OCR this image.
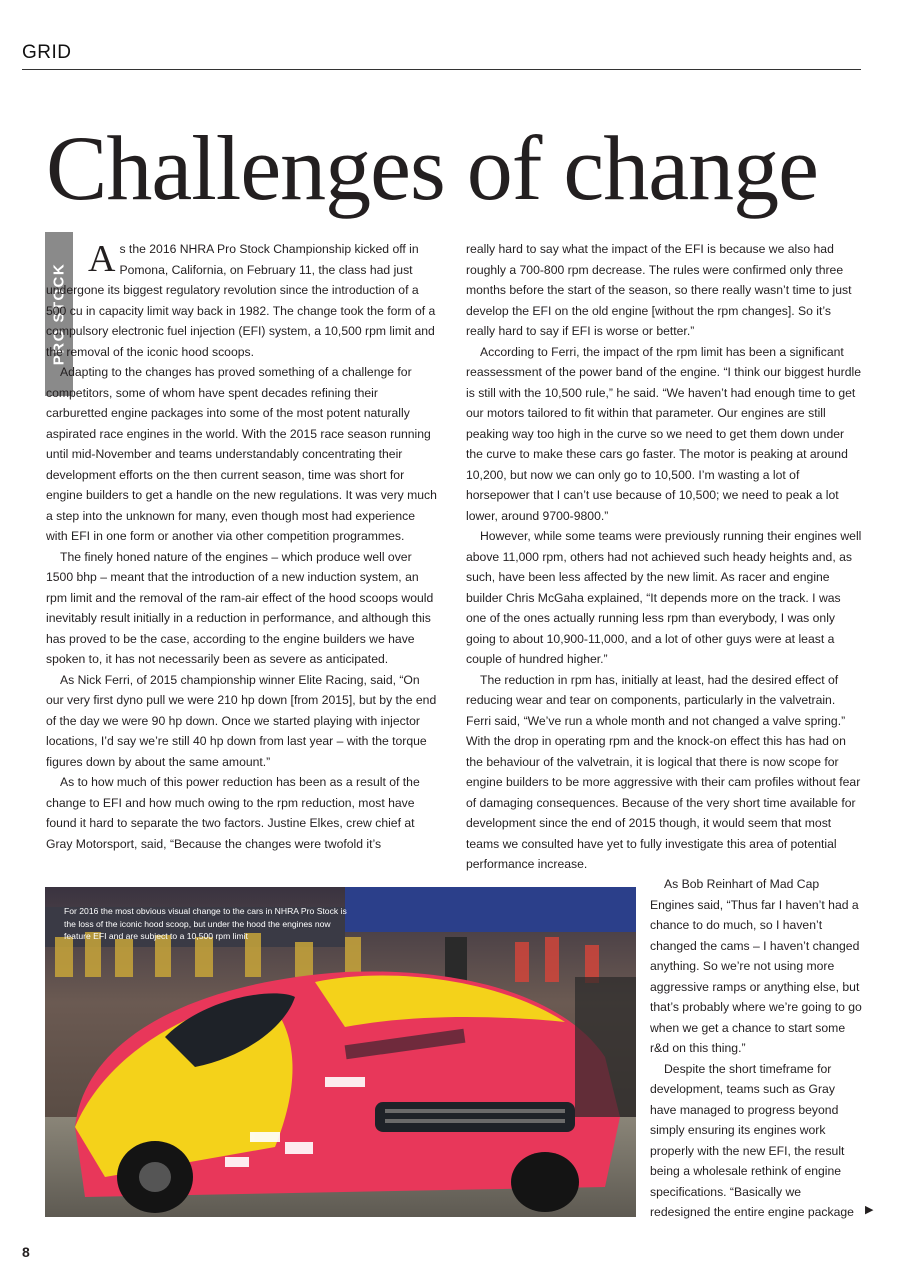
GRID
Challenges of change
PRO STOCK

As the 2016 NHRA Pro Stock Championship kicked off in Pomona, California, on February 11, the class had just undergone its biggest regulatory revolution since the introduction of a 500 cu in capacity limit way back in 1982. The change took the form of a compulsory electronic fuel injection (EFI) system, a 10,500 rpm limit and the removal of the iconic hood scoops.

Adapting to the changes has proved something of a challenge for competitors, some of whom have spent decades refining their carburetted engine packages into some of the most potent naturally aspirated race engines in the world. With the 2015 race season running until mid-November and teams understandably concentrating their development efforts on the then current season, time was short for engine builders to get a handle on the new regulations. It was very much a step into the unknown for many, even though most had experience with EFI in one form or another via other competition programmes.

The finely honed nature of the engines – which produce well over 1500 bhp – meant that the introduction of a new induction system, an rpm limit and the removal of the ram-air effect of the hood scoops would inevitably result initially in a reduction in performance, and although this has proved to be the case, according to the engine builders we have spoken to, it has not necessarily been as severe as anticipated.

As Nick Ferri, of 2015 championship winner Elite Racing, said, “On our very first dyno pull we were 210 hp down [from 2015], but by the end of the day we were 90 hp down. Once we started playing with injector locations, I’d say we’re still 40 hp down from last year – with the torque figures down by about the same amount.”

As to how much of this power reduction has been as a result of the change to EFI and how much owing to the rpm reduction, most have found it hard to separate the two factors. Justine Elkes, crew chief at Gray Motorsport, said, “Because the changes were twofold it’s

really hard to say what the impact of the EFI is because we also had roughly a 700-800 rpm decrease. The rules were confirmed only three months before the start of the season, so there really wasn’t time to just develop the EFI on the old engine [without the rpm changes]. So it’s really hard to say if EFI is worse or better.”

According to Ferri, the impact of the rpm limit has been a significant reassessment of the power band of the engine. “I think our biggest hurdle is still with the 10,500 rule,” he said. “We haven’t had enough time to get our motors tailored to fit within that parameter. Our engines are still peaking way too high in the curve so we need to get them down under the curve to make these cars go faster. The motor is peaking at around 10,200, but now we can only go to 10,500. I’m wasting a lot of horsepower that I can’t use because of 10,500; we need to peak a lot lower, around 9700-9800.”

However, while some teams were previously running their engines well above 11,000 rpm, others had not achieved such heady heights and, as such, have been less affected by the new limit. As racer and engine builder Chris McGaha explained, “It depends more on the track. I was one of the ones actually running less rpm than everybody, I was only going to about 10,900-11,000, and a lot of other guys were at least a couple of hundred higher.”

The reduction in rpm has, initially at least, had the desired effect of reducing wear and tear on components, particularly in the valvetrain. Ferri said, “We’ve run a whole month and not changed a valve spring.” With the drop in operating rpm and the knock-on effect this has had on the behaviour of the valvetrain, it is logical that there is now scope for engine builders to be more aggressive with their cam profiles without fear of damaging consequences. Because of the very short time available for development since the end of 2015 though, it would seem that most teams we consulted have yet to fully investigate this area of potential performance increase.

As Bob Reinhart of Mad Cap Engines said, “Thus far I haven’t had a chance to do much, so I haven’t changed the cams – I haven’t changed anything. So we’re not using more aggressive ramps or anything else, but that’s probably where we’re going to go when we get a chance to start some r&d on this thing.”

Despite the short timeframe for development, teams such as Gray have managed to progress beyond simply ensuring its engines work properly with the new EFI, the result being a wholesale rethink of engine specifications. “Basically we redesigned the entire engine package

For 2016 the most obvious visual change to the cars in NHRA Pro Stock is the loss of the iconic hood scoop, but under the hood the engines now feature EFI and are subject to a 10,500 rpm limit
▶
8
